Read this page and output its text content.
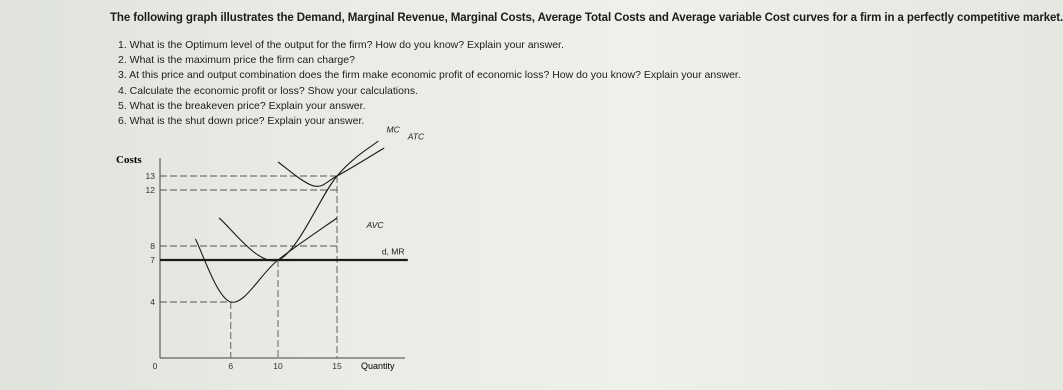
The following graph illustrates the Demand, Marginal Revenue, Marginal Costs, Average Total Costs and Average variable Cost curves for a firm in a perfectly competitive market.
1. What is the Optimum level of the output for the firm? How do you know? Explain your answer.
2. What is the maximum price the firm can charge?
3. At this price and output combination does the firm make economic profit of economic loss? How do you know? Explain your answer.
4. Calculate the economic profit or loss? Show your calculations.
5. What is the breakeven price? Explain your answer.
6. What is the shut down price? Explain your answer.
Costs
Quantity
4
7
8
12
13
0	6	10	15
MC
ATC
AVC
d, MR
